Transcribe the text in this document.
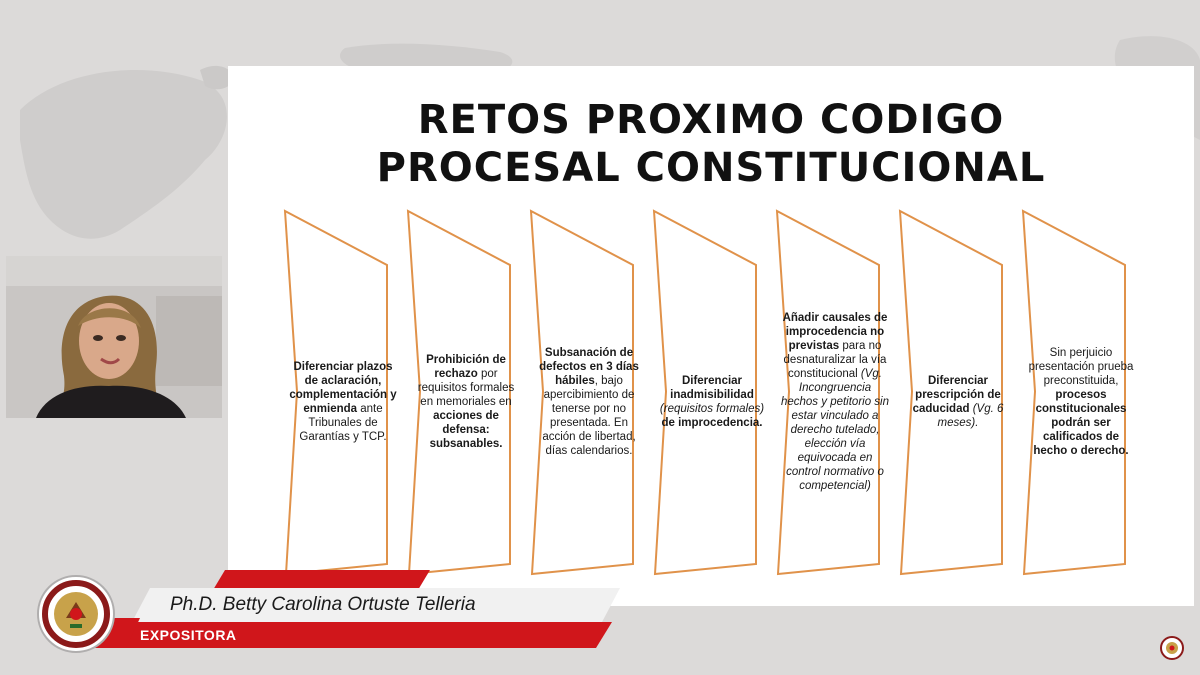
RETOS PROXIMO CODIGO
PROCESAL CONSTITUCIONAL
Diferenciar plazos de aclaración, complementación y enmienda ante Tribunales de Garantías y TCP.
Prohibición de rechazo por requisitos formales en memoriales en acciones de defensa: subsanables.
Subsanación de defectos en 3 días hábiles, bajo apercibimiento de tenerse por no presentada. En acción de libertad, días calendarios.
Diferenciar inadmisibilidad (requisitos formales) de improcedencia.
Añadir causales de improcedencia no previstas para no desnaturalizar la vía constitucional (Vg. Incongruencia hechos y petitorio sin estar vinculado a derecho tutelado, elección vía equivocada en control normativo o competencial)
Diferenciar prescripción de caducidad (Vg. 6 meses).
Sin perjuicio presentación prueba preconstituida, procesos constitucionales podrán ser calificados de hecho o derecho.
Ph.D. Betty Carolina Ortuste Telleria
EXPOSITORA
